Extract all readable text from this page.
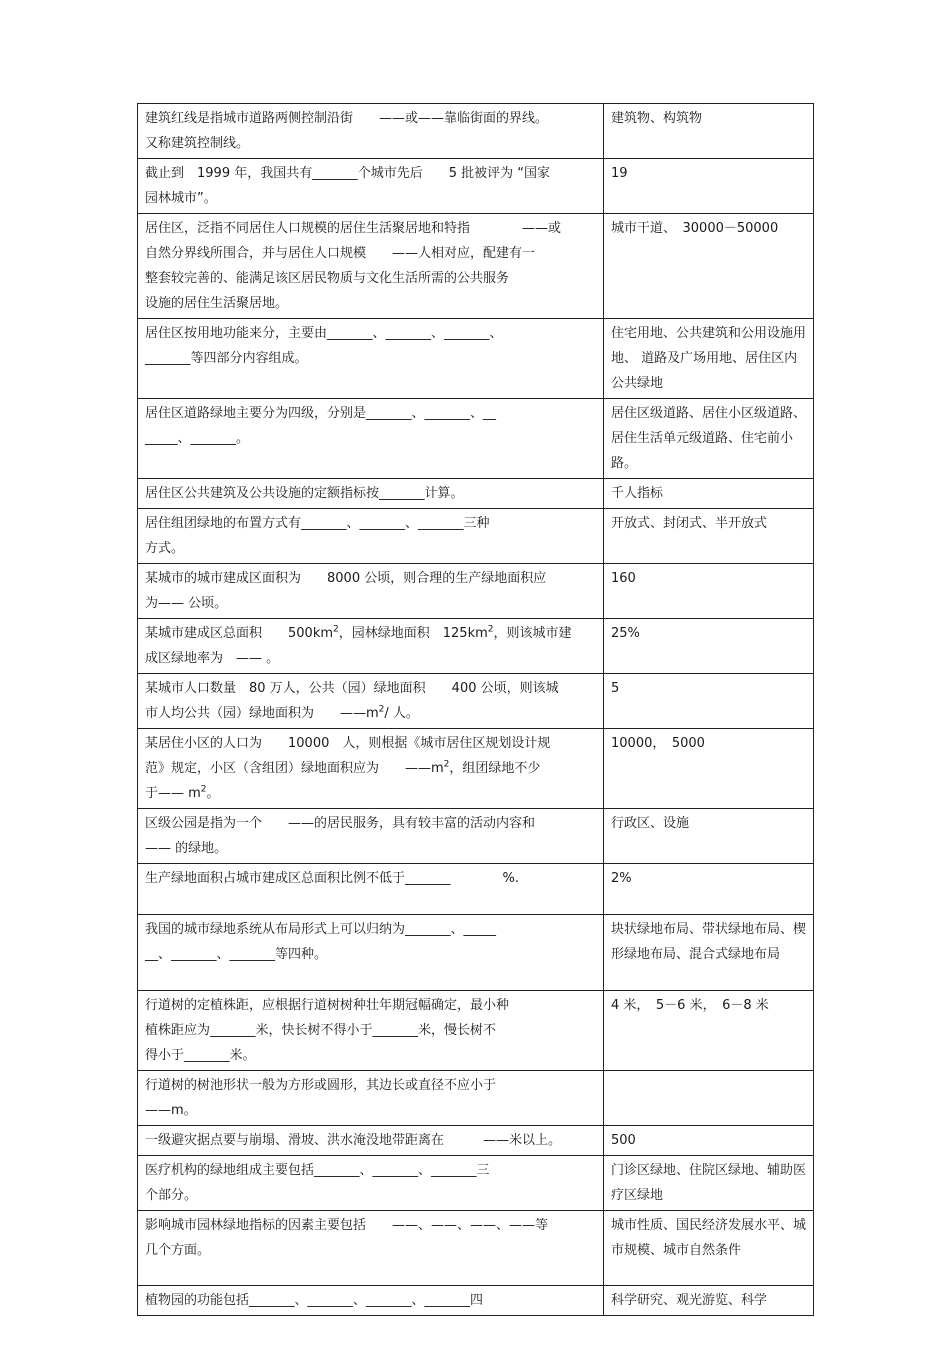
建筑红线是指城市道路两侧控制沿街　　——或——靠临街面的界线。
又称建筑控制线。	建筑物、构筑物
截止到　1999 年，我国共有_______个城市先后　　5 批被评为 “国家
园林城市”。	19
居住区，泛指不同居住人口规模的居住生活聚居地和特指　　　　——或
自然分界线所围合，并与居住人口规模　　——人相对应，配建有一
整套较完善的、能满足该区居民物质与文化生活所需的公共服务
设施的居住生活聚居地。	城市干道、　30000－50000
居住区按用地功能来分，主要由_______、_______、_______、
_______等四部分内容组成。	住宅用地、公共建筑和公用设施用地、 道路及广场用地、居住区内公共绿地
居住区道路绿地主要分为四级，分别是_______、_______、__
_____、_______。	居住区级道路、居住小区级道路、居住生活单元级道路、住宅前小路。
居住区公共建筑及公共设施的定额指标按_______计算。	千人指标
居住组团绿地的布置方式有_______、_______、_______三种
方式。	开放式、封闭式、半开放式
某城市的城市建成区面积为　　8000 公顷，则合理的生产绿地面积应
为—— 公顷。	160
某城市建成区总面积　　$500km^2$，园林绿地面积　$125km^2$，则该城市建
成区绿地率为　—— 。	25%
某城市人口数量　80 万人，公共（园）绿地面积　　400 公顷，则该城
市人均公共（园）绿地面积为　　$——m^2/$ 人。	5
某居住小区的人口为　　10000　人，则根据《城市居住区规划设计规
范》规定，小区（含组团）绿地面积应为　　$——m^2$，组团绿地不少
于—— $m^2$。	10000，　5000
区级公园是指为一个　　——的居民服务，具有较丰富的活动内容和
—— 的绿地。	行政区、设施
生产绿地面积占城市建成区总面积比例不低于_______　　　　%.	2%
我国的城市绿地系统从布局形式上可以归纳为_______、_____
__、_______、_______等四种。	块状绿地布局、带状绿地布局、楔形绿地布局、混合式绿地布局
行道树的定植株距，应根据行道树树种壮年期冠幅确定，最小种
植株距应为_______米，快长树不得小于_______米，慢长树不
得小于_______米。	4 米，　5－6 米，　6－8 米
行道树的树池形状一般为方形或圆形，其边长或直径不应小于
——m。	
一级避灾据点要与崩塌、滑坡、洪水淹没地带距离在　　　——米以上。	500
医疗机构的绿地组成主要包括_______、_______、_______三
个部分。	门诊区绿地、住院区绿地、辅助医疗区绿地
影响城市园林绿地指标的因素主要包括　　——、——、——、——等
几个方面。	城市性质、国民经济发展水平、城市规模、城市自然条件
植物园的功能包括_______、_______、_______、_______四	科学研究、观光游览、科学
